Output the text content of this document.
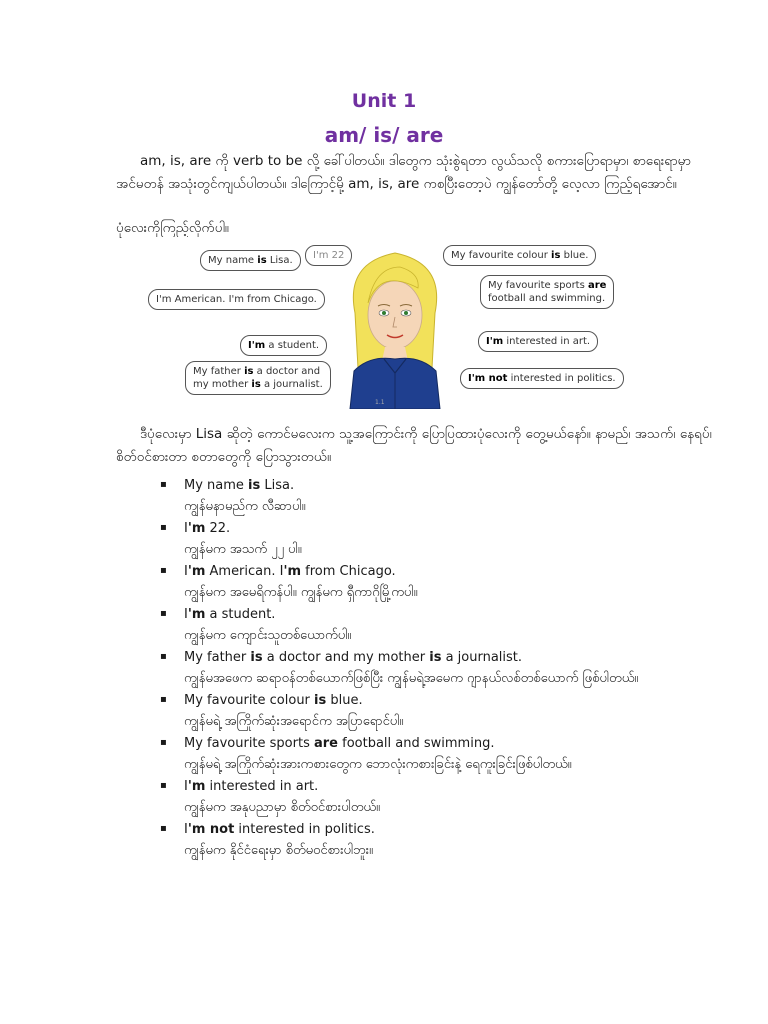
Unit 1
am/ is/ are

am, is, are ကို verb to be လို့ ခေါ်ပါတယ်။ ဒါတွေက သုံးစွဲရတာ လွယ်သလို စကားပြောရာမှာ၊ စာရေးရာမှာ အင်မတန် အသုံးတွင်ကျယ်ပါတယ်။ ဒါကြောင့်မို့ am, is, are ကစပြီးတော့ပဲ ကျွန်တော်တို့ လေ့လာ ကြည့်ရအောင်။

ပုံလေးကိုကြည့်လိုက်ပါ။

My name is Lisa.	I'm 22	My favourite colour is blue.
I'm American. I'm from Chicago.
My favourite sports are
football and swimming.
I'm a student.	I'm interested in art.
My father is a doctor and
my mother is a journalist.
I'm not interested in politics.
1.1

ဒီပုံလေးမှာ Lisa ဆိုတဲ့ ကောင်မလေးက သူ့အကြောင်းကို ပြောပြထားပုံလေးကို တွေ့မယ်နော်။ နာမည်၊ အသက်၊ နေရပ်၊ စိတ်ဝင်စားတာ စတာတွေကို ပြောသွားတယ်။

▪ My name is Lisa.
ကျွန်မနာမည်က လီဆာပါ။
▪ I'm 22.
ကျွန်မက အသက် ၂၂ ပါ။
▪ I'm American. I'm from Chicago.
ကျွန်မက အမေရိကန်ပါ။ ကျွန်မက ရှီကာဂိုမြို့ကပါ။
▪ I'm a student.
ကျွန်မက ကျောင်းသူတစ်ယောက်ပါ။
▪ My father is a doctor and my mother is a journalist.
ကျွန်မအဖေက ဆရာဝန်တစ်ယောက်ဖြစ်ပြီး ကျွန်မရဲ့အမေက ဂျာနယ်လစ်တစ်ယောက် ဖြစ်ပါတယ်။
▪ My favourite colour is blue.
ကျွန်မရဲ့ အကြိုက်ဆုံးအရောင်က အပြာရောင်ပါ။
▪ My favourite sports are football and swimming.
ကျွန်မရဲ့ အကြိုက်ဆုံးအားကစားတွေက ဘောလုံးကစားခြင်းနဲ့ ရေကူးခြင်းဖြစ်ပါတယ်။
▪ I'm interested in art.
ကျွန်မက အနုပညာမှာ စိတ်ဝင်စားပါတယ်။
▪ I'm not interested in politics.
ကျွန်မက နိုင်ငံရေးမှာ စိတ်မဝင်စားပါဘူး။
